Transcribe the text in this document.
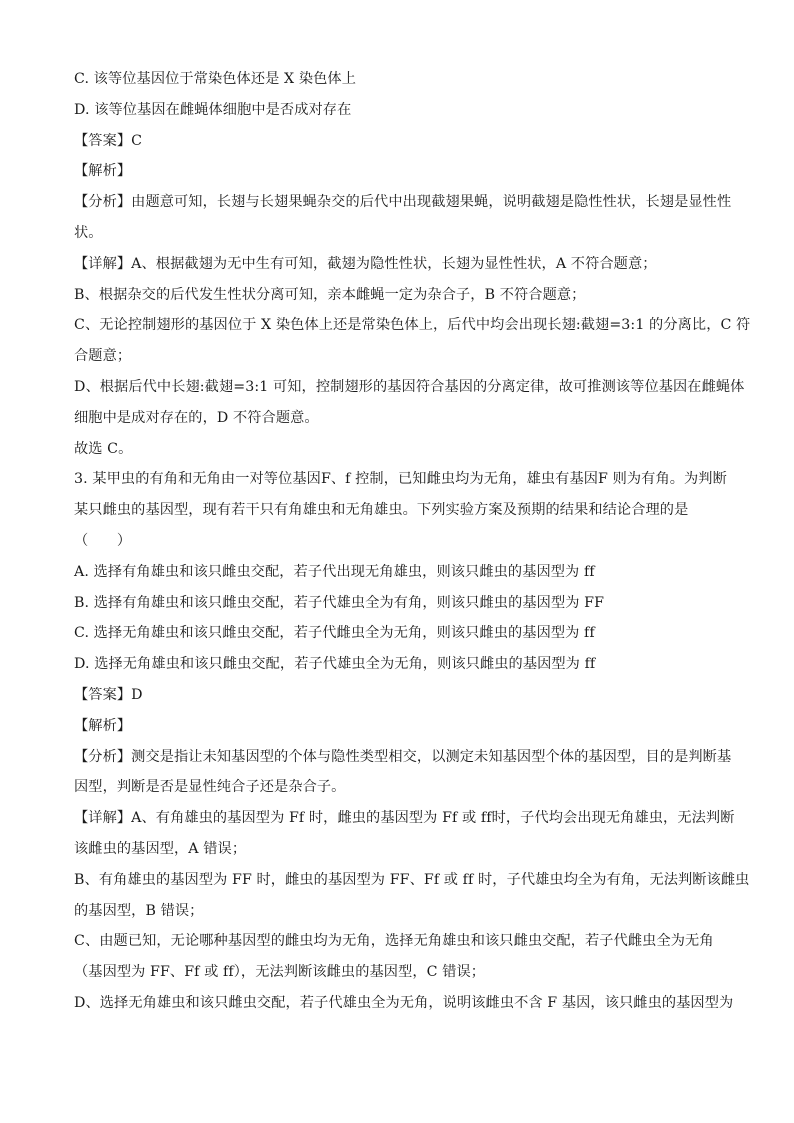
C. 该等位基因位于常染色体还是 X 染色体上
D. 该等位基因在雌蝇体细胞中是否成对存在
【答案】C
【解析】
【分析】由题意可知，长翅与长翅果蝇杂交的后代中出现截翅果蝇，说明截翅是隐性性状，长翅是显性性
状。
【详解】A、根据截翅为无中生有可知，截翅为隐性性状，长翅为显性性状，A 不符合题意；
B、根据杂交的后代发生性状分离可知，亲本雌蝇一定为杂合子，B 不符合题意；
C、无论控制翅形的基因位于 X 染色体上还是常染色体上，后代中均会出现长翅:截翅=3:1 的分离比，C 符
合题意；
D、根据后代中长翅:截翅=3:1 可知，控制翅形的基因符合基因的分离定律，故可推测该等位基因在雌蝇体
细胞中是成对存在的，D 不符合题意。
故选 C。
3. 某甲虫的有角和无角由一对等位基因F、f 控制，已知雌虫均为无角，雄虫有基因F 则为有角。为判断
某只雌虫的基因型，现有若干只有角雄虫和无角雄虫。下列实验方案及预期的结果和结论合理的是
（　　）
A. 选择有角雄虫和该只雌虫交配，若子代出现无角雄虫，则该只雌虫的基因型为 ff
B. 选择有角雄虫和该只雌虫交配，若子代雄虫全为有角，则该只雌虫的基因型为 FF
C. 选择无角雄虫和该只雌虫交配，若子代雌虫全为无角，则该只雌虫的基因型为 ff
D. 选择无角雄虫和该只雌虫交配，若子代雄虫全为无角，则该只雌虫的基因型为 ff
【答案】D
【解析】
【分析】测交是指让未知基因型的个体与隐性类型相交，以测定未知基因型个体的基因型，目的是判断基
因型，判断是否是显性纯合子还是杂合子。
【详解】A、有角雄虫的基因型为 Ff 时，雌虫的基因型为 Ff 或 ff时，子代均会出现无角雄虫，无法判断
该雌虫的基因型，A 错误；
B、有角雄虫的基因型为 FF 时，雌虫的基因型为 FF、Ff 或 ff 时，子代雄虫均全为有角，无法判断该雌虫
的基因型，B 错误；
C、由题已知，无论哪种基因型的雌虫均为无角，选择无角雄虫和该只雌虫交配，若子代雌虫全为无角
（基因型为 FF、Ff 或 ff），无法判断该雌虫的基因型，C 错误；
D、选择无角雄虫和该只雌虫交配，若子代雄虫全为无角，说明该雌虫不含 F 基因，该只雌虫的基因型为
